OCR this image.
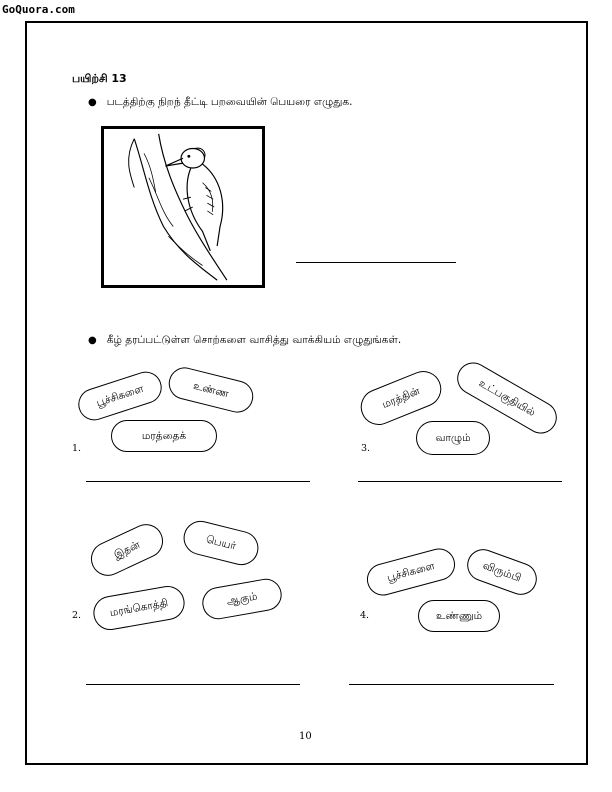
GoQuora.com
பயிற்சி 13
● படத்திற்கு நிறந் தீட்டி பறவையின் பெயரை எழுதுக.
● கீழ் தரப்பட்டுள்ள சொற்களை வாசித்து வாக்கியம் எழுதுங்கள்.
பூச்சிகளை	உண்ண
மரத்தைக்
1.
மரத்தின்	உட்பகுதியில்
வாழும்
3.
இதன்	பெயர்
மரங்கொத்தி	ஆகும்
2.
பூச்சிகளை	விரும்பி
உண்ணும்
4.
10
